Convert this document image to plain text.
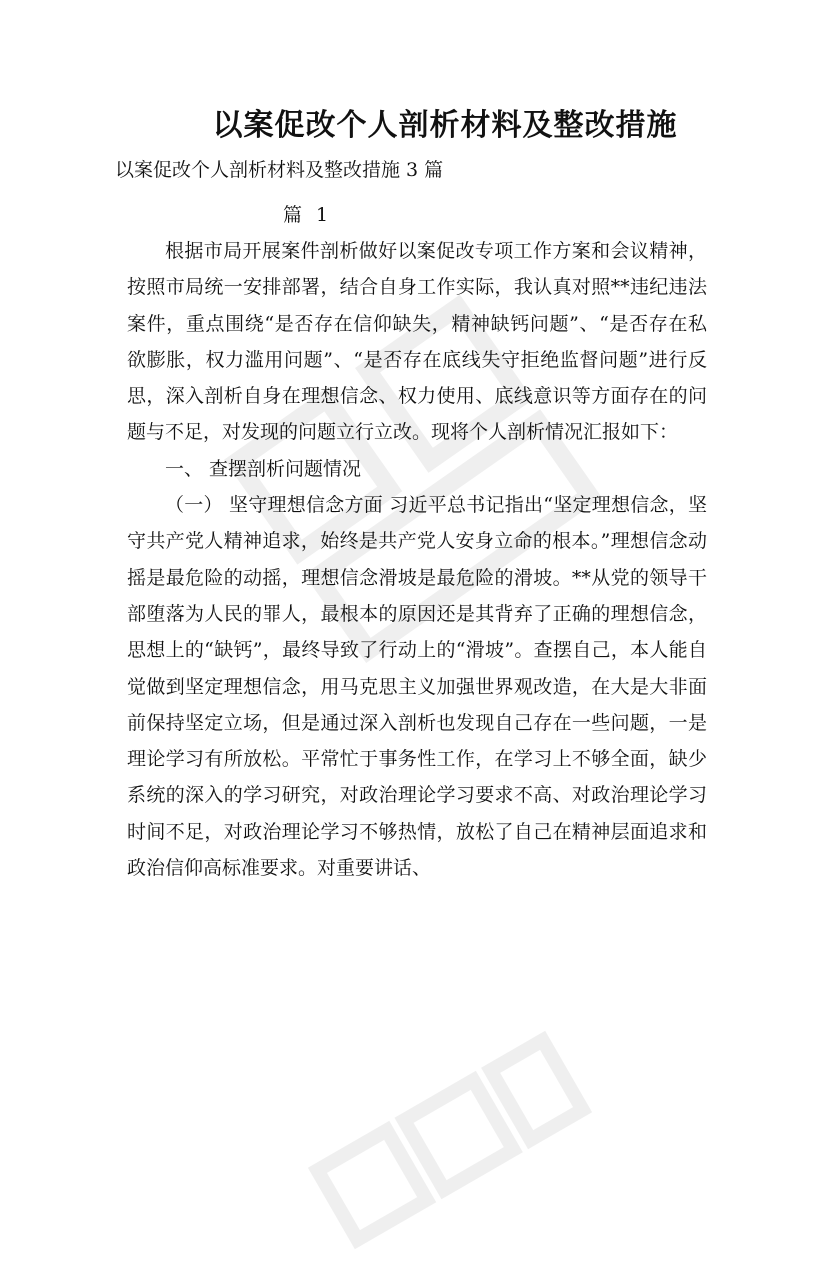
以案促改个人剖析材料及整改措施
以案促改个人剖析材料及整改措施 3 篇
篇 1

根据市局开展案件剖析做好以案促改专项工作方案和会议精神，按照市局统一安排部署，结合自身工作实际，我认真对照**违纪违法案件，重点围绕“是否存在信仰缺失，精神缺钙问题”、“是否存在私欲膨胀，权力滥用问题”、“是否存在底线失守拒绝监督问题”进行反思，深入剖析自身在理想信念、权力使用、底线意识等方面存在的问题与不足，对发现的问题立行立改。现将个人剖析情况汇报如下：

一、 查摆剖析问题情况

（一） 坚守理想信念方面 习近平总书记指出“坚定理想信念，坚守共产党人精神追求，始终是共产党人安身立命的根本。”理想信念动摇是最危险的动摇，理想信念滑坡是最危险的滑坡。**从党的领导干部堕落为人民的罪人，最根本的原因还是其背弃了正确的理想信念，思想上的“缺钙”，最终导致了行动上的“滑坡”。查摆自己，本人能自觉做到坚定理想信念，用马克思主义加强世界观改造，在大是大非面前保持坚定立场，但是通过深入剖析也发现自己存在一些问题，一是理论学习有所放松。平常忙于事务性工作，在学习上不够全面，缺少系统的深入的学习研究，对政治理论学习要求不高、对政治理论学习时间不足，对政治理论学习不够热情，放松了自己在精神层面追求和政治信仰高标准要求。对重要讲话、
